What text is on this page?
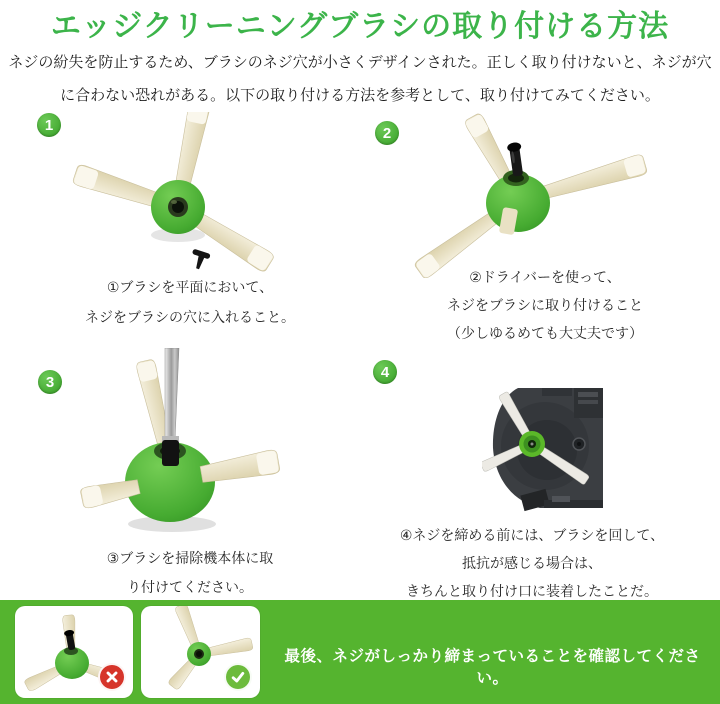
エッジクリーニングブラシの取り付ける方法
ネジの紛失を防止するため、ブラシのネジ穴が小さくデザインされた。正しく取り付けないと、ネジが穴
に合わない恐れがある。以下の取り付ける方法を参考として、取り付けてみてください。
1
①ブラシを平面において、
ネジをブラシの穴に入れること。
2
②ドライバーを使って、
ネジをブラシに取り付けること
（少しゆるめても大丈夫です）
3
③ブラシを掃除機本体に取
り付けてください。
4
④ネジを締める前には、ブラシを回して、
抵抗が感じる場合は、
きちんと取り付け口に装着したことだ。
最後、ネジがしっかり締まっていることを確認してください。
